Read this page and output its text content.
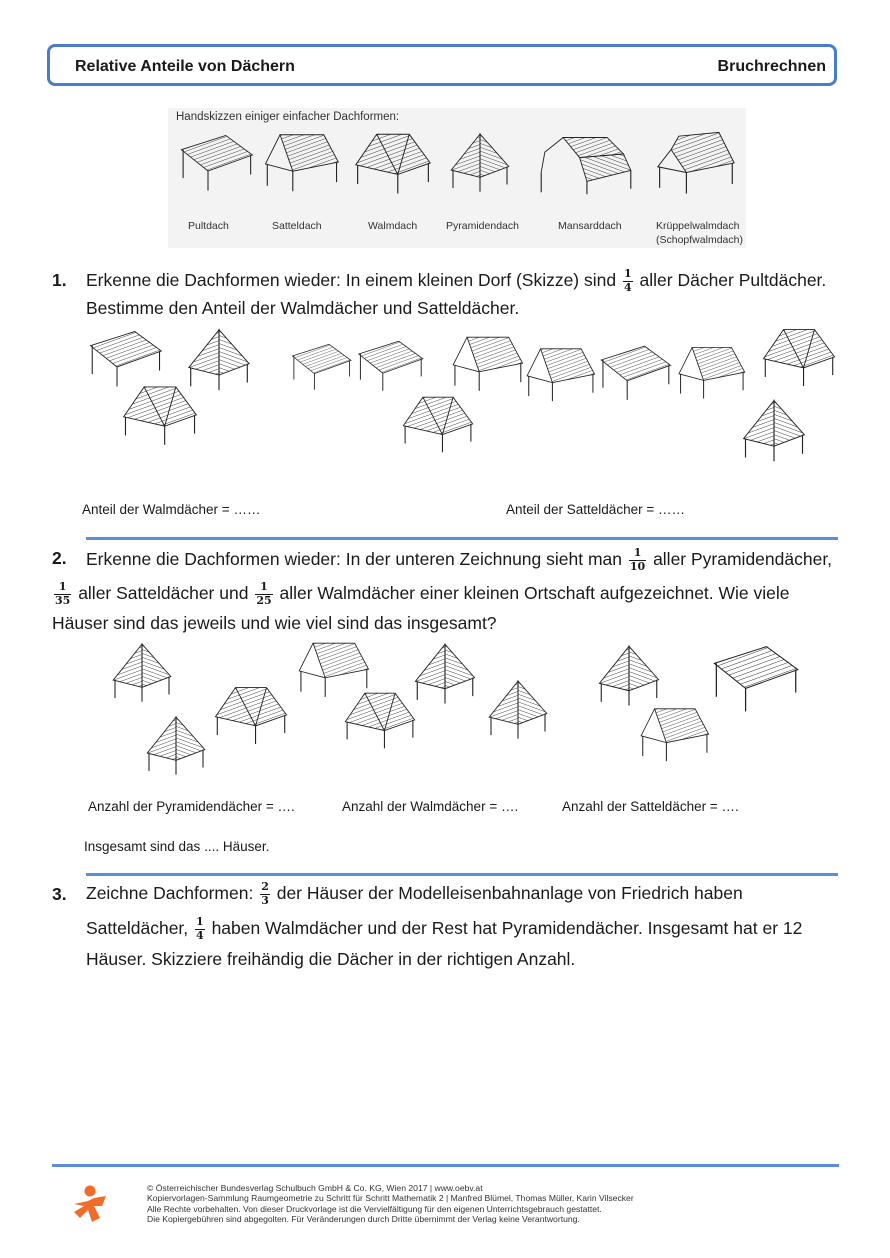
Relative Anteile von Dächern	Bruchrechnen
Handskizzen einiger einfacher Dachformen:
Pultdach	Satteldach	Walmdach	Pyramidendach	Mansarddach	Krüppelwalmdach
(Schopfwalmdach)
1. Erkenne die Dachformen wieder: In einem kleinen Dorf (Skizze) sind $\frac{1}{4}$ aller Dächer Pultdächer.
Bestimme den Anteil der Walmdächer und Satteldächer.
Anteil der Walmdächer = ……	Anteil der Satteldächer = ……
2. Erkenne die Dachformen wieder: In der unteren Zeichnung sieht man $\frac{1}{10}$ aller Pyramidendächer,
$\frac{1}{35}$ aller Satteldächer und $\frac{1}{25}$ aller Walmdächer einer kleinen Ortschaft aufgezeichnet. Wie viele
Häuser sind das jeweils und wie viel sind das insgesamt?
Anzahl der Pyramidendächer = ….	Anzahl der Walmdächer = ….	Anzahl der Satteldächer = ….
Insgesamt sind das .... Häuser.
3. Zeichne Dachformen: $\frac{2}{3}$ der Häuser der Modelleisenbahnanlage von Friedrich haben
Satteldächer, $\frac{1}{4}$ haben Walmdächer und der Rest hat Pyramidendächer. Insgesamt hat er 12
Häuser. Skizziere freihändig die Dächer in der richtigen Anzahl.
© Österreichischer Bundesverlag Schulbuch GmbH & Co. KG, Wien 2017 | www.oebv.at
Kopiervorlagen-Sammlung Raumgeometrie zu Schritt für Schritt Mathematik 2 | Manfred Blümel, Thomas Müller, Karin Vilsecker
Alle Rechte vorbehalten. Von dieser Druckvorlage ist die Vervielfältigung für den eigenen Unterrichtsgebrauch gestattet.
Die Kopiergebühren sind abgegolten. Für Veränderungen durch Dritte übernimmt der Verlag keine Verantwortung.
